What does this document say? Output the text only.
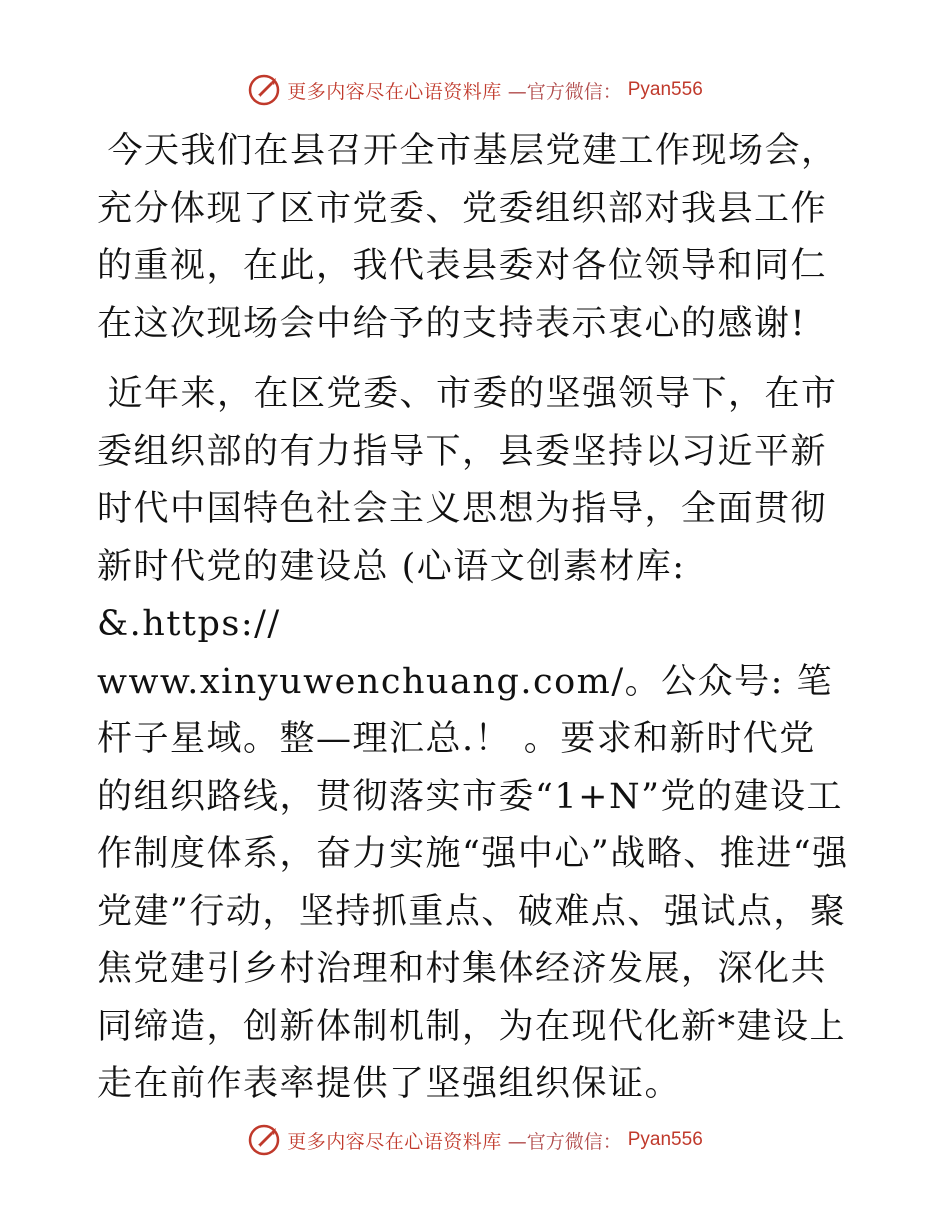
更多内容尽在心语资料库 —官方微信： Pyan556

今天我们在县召开全市基层党建工作现场会，充分体现了区市党委、党委组织部对我县工作的重视，在此，我代表县委对各位领导和同仁在这次现场会中给予的支持表示衷心的感谢!

近年来，在区党委、市委的坚强领导下，在市委组织部的有力指导下，县委坚持以习近平新时代中国特色社会主义思想为指导，全面贯彻新时代党的建设总 (心语文创素材库: &.https:// www.xinyuwenchuang.com/。公众号: 笔杆子星域。整—理汇总.！ 。要求和新时代党的组织路线，贯彻落实市委“1+N”党的建设工作制度体系，奋力实施“强中心”战略、推进“强党建”行动，坚持抓重点、破难点、强试点，聚焦党建引乡村治理和村集体经济发展，深化共同缔造，创新体制机制，为在现代化新*建设上走在前作表率提供了坚强组织保证。

更多内容尽在心语资料库 —官方微信： Pyan556
